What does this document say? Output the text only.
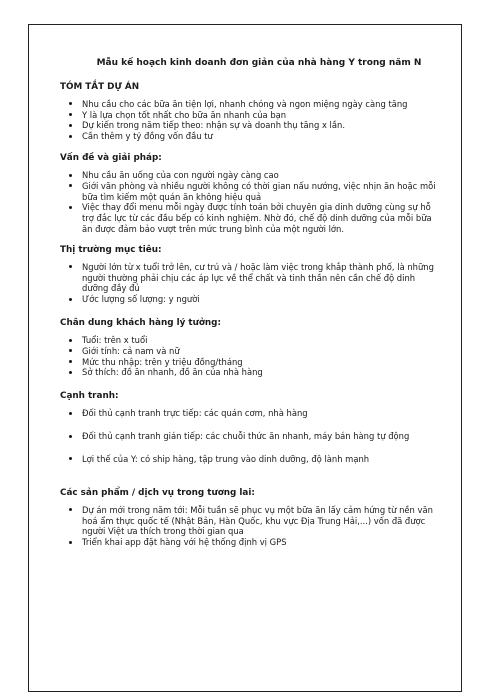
Mẫu kế hoạch kinh doanh đơn giản của nhà hàng Y trong năm N
TÓM TẮT DỰ ÁN
Nhu cầu cho các bữa ăn tiện lợi, nhanh chóng và ngon miệng ngày càng tăng
Y là lựa chọn tốt nhất cho bữa ăn nhanh của bạn
Dự kiến trong năm tiếp theo: nhận sự và doanh thụ tăng x lần.
Cần thêm y tỷ đồng vốn đầu tư
Vấn đề và giải pháp:
Nhu cầu ăn uống của con người ngày càng cao
Giới văn phòng và nhiều người không có thời gian nấu nướng, việc nhịn ăn hoặc mỗi bữa tìm kiếm một quán ăn không hiệu quả
Việc thay đổi menu mỗi ngày được tính toán bởi chuyên gia dinh dưỡng cùng sự hỗ trợ đắc lực từ các đầu bếp có kinh nghiệm. Nhờ đó, chế độ dinh dưỡng của mỗi bữa ăn được đảm bảo vượt trên mức trung bình của một người lớn.
Thị trường mục tiêu:
Người lớn từ x tuổi trở lên, cư trú và / hoặc làm việc trong khắp thành phố, là những người thường phải chịu các áp lực về thể chất và tinh thần nên cần chế độ dinh dưỡng đầy đủ
Ước lượng số lượng: y người
Chân dung khách hàng lý tưởng:
Tuổi: trên x tuổi
Giới tính: cả nam và nữ
Mức thu nhập: trên y triệu đồng/tháng
Sở thích: đồ ăn nhanh, đồ ăn của nhà hàng
Cạnh tranh:
Đối thủ cạnh tranh trực tiếp: các quán cơm, nhà hàng
Đối thủ cạnh tranh gián tiếp: các chuỗi thức ăn nhanh, máy bán hàng tự động
Lợi thế của Y: có ship hàng, tập trung vào dinh dưỡng, độ lành mạnh
Các sản phẩm / dịch vụ trong tương lai:
Dự án mới trong năm tới: Mỗi tuần sẽ phục vụ một bữa ăn lấy cảm hứng từ nền văn hoá ẩm thực quốc tế (Nhật Bản, Hàn Quốc, khu vực Địa Trung Hải,...) vốn đã được người Việt ưa thích trong thời gian qua
Triển khai app đặt hàng với hệ thống định vị GPS
